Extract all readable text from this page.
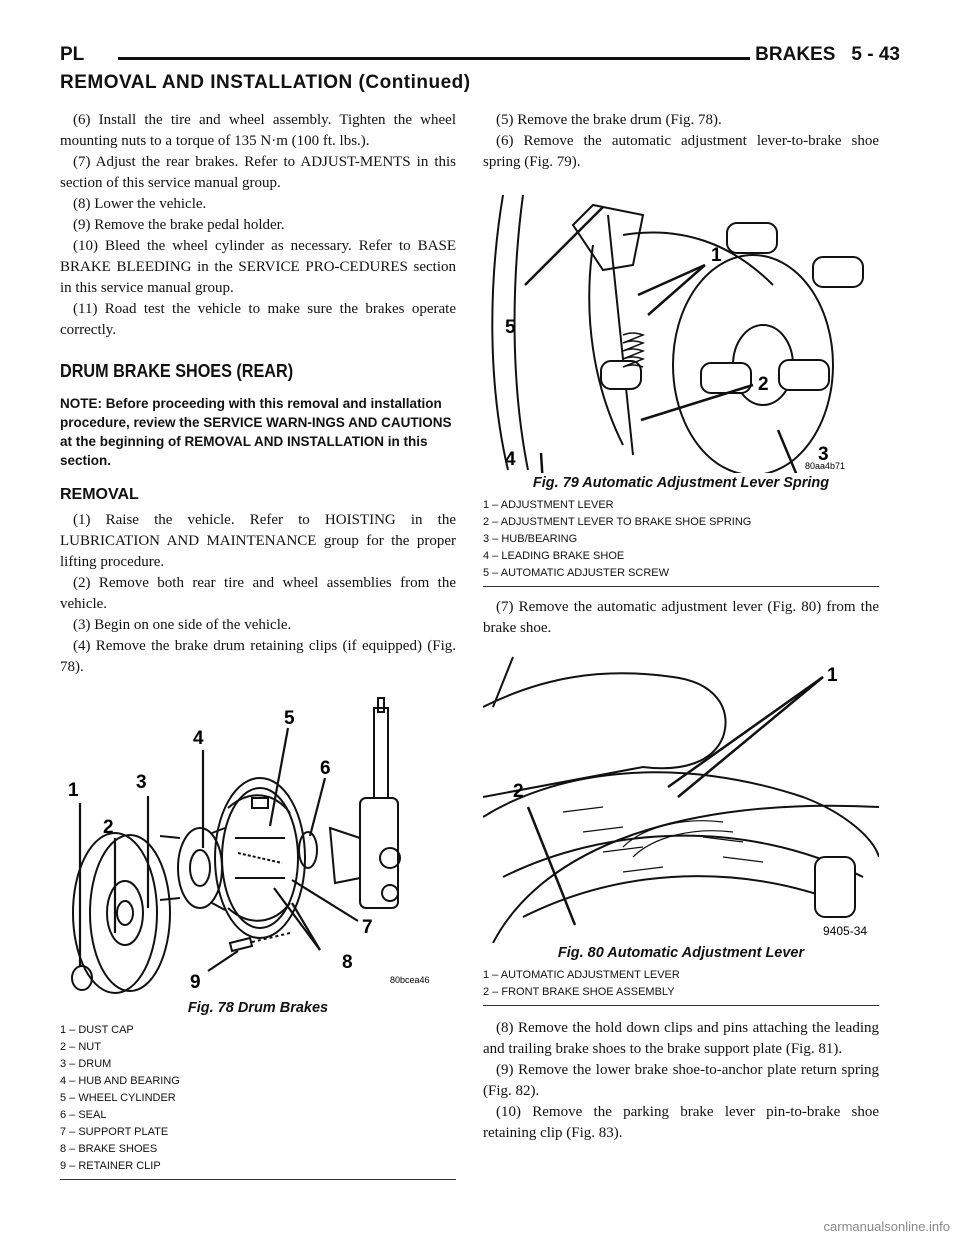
PL	BRAKES 5 - 43
REMOVAL AND INSTALLATION (Continued)

(6) Install the tire and wheel assembly. Tighten the wheel mounting nuts to a torque of 135 N·m (100 ft. lbs.).

(7) Adjust the rear brakes. Refer to ADJUST-MENTS in this section of this service manual group.

(8) Lower the vehicle.

(9) Remove the brake pedal holder.

(10) Bleed the wheel cylinder as necessary. Refer to BASE BRAKE BLEEDING in the SERVICE PRO-CEDURES section in this service manual group.

(11) Road test the vehicle to make sure the brakes operate correctly.

DRUM BRAKE SHOES (REAR)

NOTE: Before proceeding with this removal and installation procedure, review the SERVICE WARN-INGS AND CAUTIONS at the beginning of REMOVAL AND INSTALLATION in this section.

REMOVAL

(1) Raise the vehicle. Refer to HOISTING in the LUBRICATION AND MAINTENANCE group for the proper lifting procedure.

(2) Remove both rear tire and wheel assemblies from the vehicle.

(3) Begin on one side of the vehicle.

(4) Remove the brake drum retaining clips (if equipped) (Fig. 78).

1
2
3
4
5
6
7
8
9	80bcea46
Fig. 78 Drum Brakes
1 – DUST CAP
2 – NUT
3 – DRUM
4 – HUB AND BEARING
5 – WHEEL CYLINDER
6 – SEAL
7 – SUPPORT PLATE
8 – BRAKE SHOES
9 – RETAINER CLIP

(5) Remove the brake drum (Fig. 78).

(6) Remove the automatic adjustment lever-to-brake shoe spring (Fig. 79).

1
2
3
4
5
80aa4b71
Fig. 79 Automatic Adjustment Lever Spring
1 – ADJUSTMENT LEVER
2 – ADJUSTMENT LEVER TO BRAKE SHOE SPRING
3 – HUB/BEARING
4 – LEADING BRAKE SHOE
5 – AUTOMATIC ADJUSTER SCREW

(7) Remove the automatic adjustment lever (Fig. 80) from the brake shoe.

1
2
9405-34
Fig. 80 Automatic Adjustment Lever
1 – AUTOMATIC ADJUSTMENT LEVER
2 – FRONT BRAKE SHOE ASSEMBLY

(8) Remove the hold down clips and pins attaching the leading and trailing brake shoes to the brake support plate (Fig. 81).

(9) Remove the lower brake shoe-to-anchor plate return spring (Fig. 82).

(10) Remove the parking brake lever pin-to-brake shoe retaining clip (Fig. 83).

carmanualsonline.info
